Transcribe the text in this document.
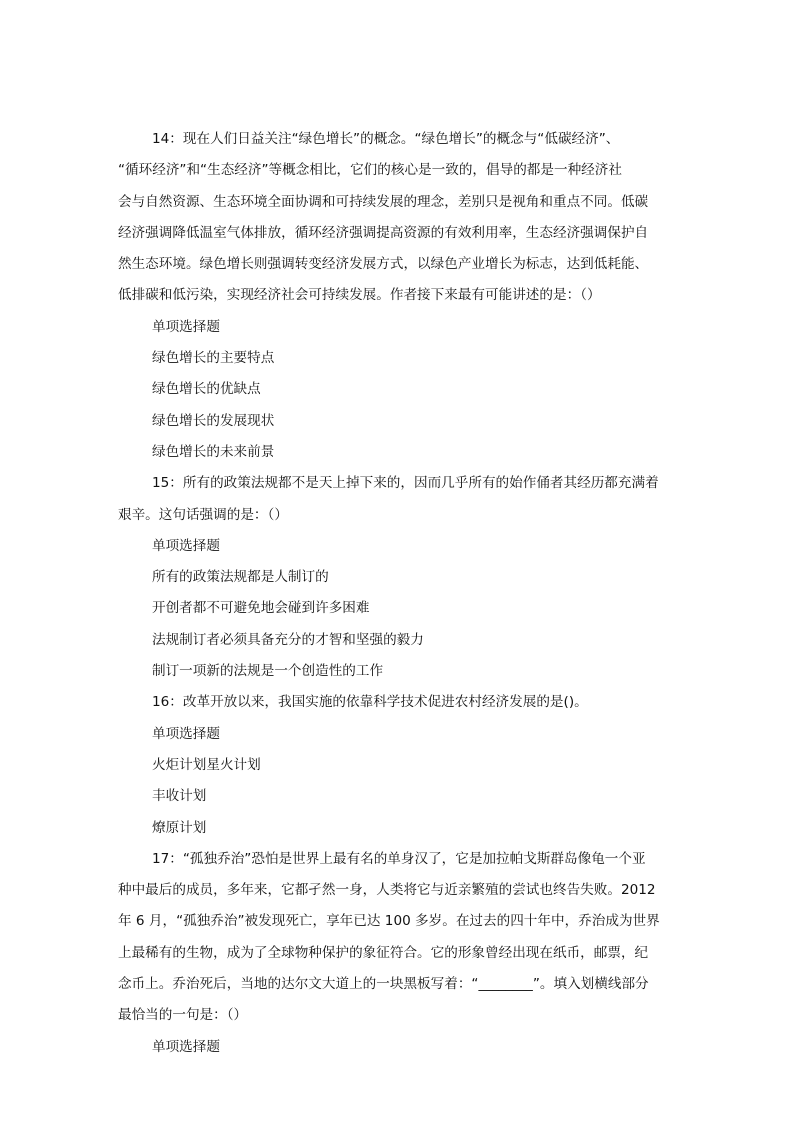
14：现在人们日益关注“绿色增长”的概念。“绿色增长”的概念与“低碳经济”、
“循环经济”和“生态经济”等概念相比，它们的核心是一致的，倡导的都是一种经济社
会与自然资源、生态环境全面协调和可持续发展的理念，差别只是视角和重点不同。低碳
经济强调降低温室气体排放，循环经济强调提高资源的有效利用率，生态经济强调保护自
然生态环境。绿色增长则强调转变经济发展方式，以绿色产业增长为标志，达到低耗能、
低排碳和低污染，实现经济社会可持续发展。作者接下来最有可能讲述的是：（）
单项选择题
绿色增长的主要特点
绿色增长的优缺点
绿色增长的发展现状
绿色增长的未来前景
15：所有的政策法规都不是天上掉下来的，因而几乎所有的始作俑者其经历都充满着
艰辛。这句话强调的是：（）
单项选择题
所有的政策法规都是人制订的
开创者都不可避免地会碰到许多困难
法规制订者必须具备充分的才智和坚强的毅力
制订一项新的法规是一个创造性的工作
16：改革开放以来，我国实施的依靠科学技术促进农村经济发展的是()。
单项选择题
火炬计划星火计划
丰收计划
燎原计划
17：“孤独乔治”恐怕是世界上最有名的单身汉了，它是加拉帕戈斯群岛像龟一个亚
种中最后的成员，多年来，它都孑然一身，人类将它与近亲繁殖的尝试也终告失败。2012
年 6 月，“孤独乔治”被发现死亡，享年已达 100 多岁。在过去的四十年中，乔治成为世界
上最稀有的生物，成为了全球物种保护的象征符合。它的形象曾经出现在纸币，邮票，纪
念币上。乔治死后，当地的达尔文大道上的一块黑板写着：“________”。填入划横线部分
最恰当的一句是：（）
单项选择题
